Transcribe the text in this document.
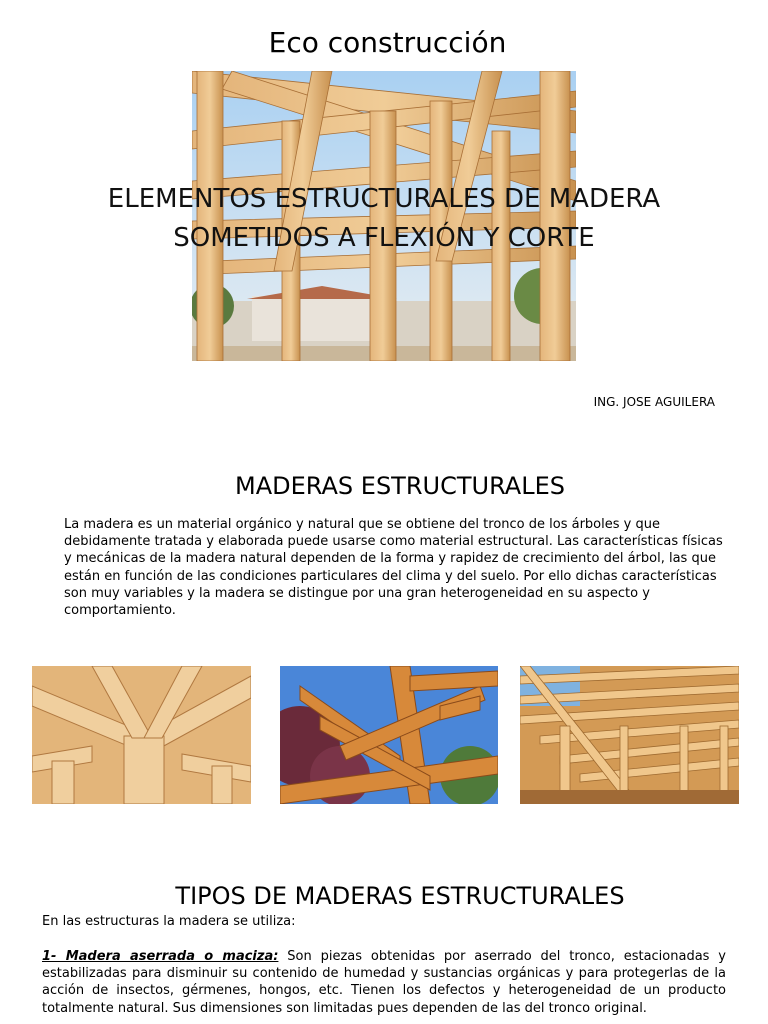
Eco construcción
ELEMENTOS ESTRUCTURALES DE MADERA
SOMETIDOS A FLEXIÓN Y CORTE
ING. JOSE AGUILERA
MADERAS ESTRUCTURALES
La madera es un material orgánico y natural que se obtiene del tronco de los árboles y que debidamente tratada y elaborada puede usarse como material estructural. Las características físicas y mecánicas de la madera natural dependen de la forma y rapidez de crecimiento del árbol, las que están en función de las condiciones particulares del clima y del suelo. Por ello dichas características son muy variables y la madera se distingue por una gran heterogeneidad en su aspecto y comportamiento.
TIPOS DE MADERAS ESTRUCTURALES
En las estructuras la madera se utiliza:
1- Madera aserrada o maciza: Son piezas obtenidas por aserrado del tronco, estacionadas y estabilizadas para disminuir su contenido de humedad y sustancias orgánicas y para protegerlas de la acción de insectos, gérmenes, hongos, etc. Tienen los defectos y heterogeneidad de un producto totalmente natural. Sus dimensiones son limitadas pues dependen de las del tronco original.
